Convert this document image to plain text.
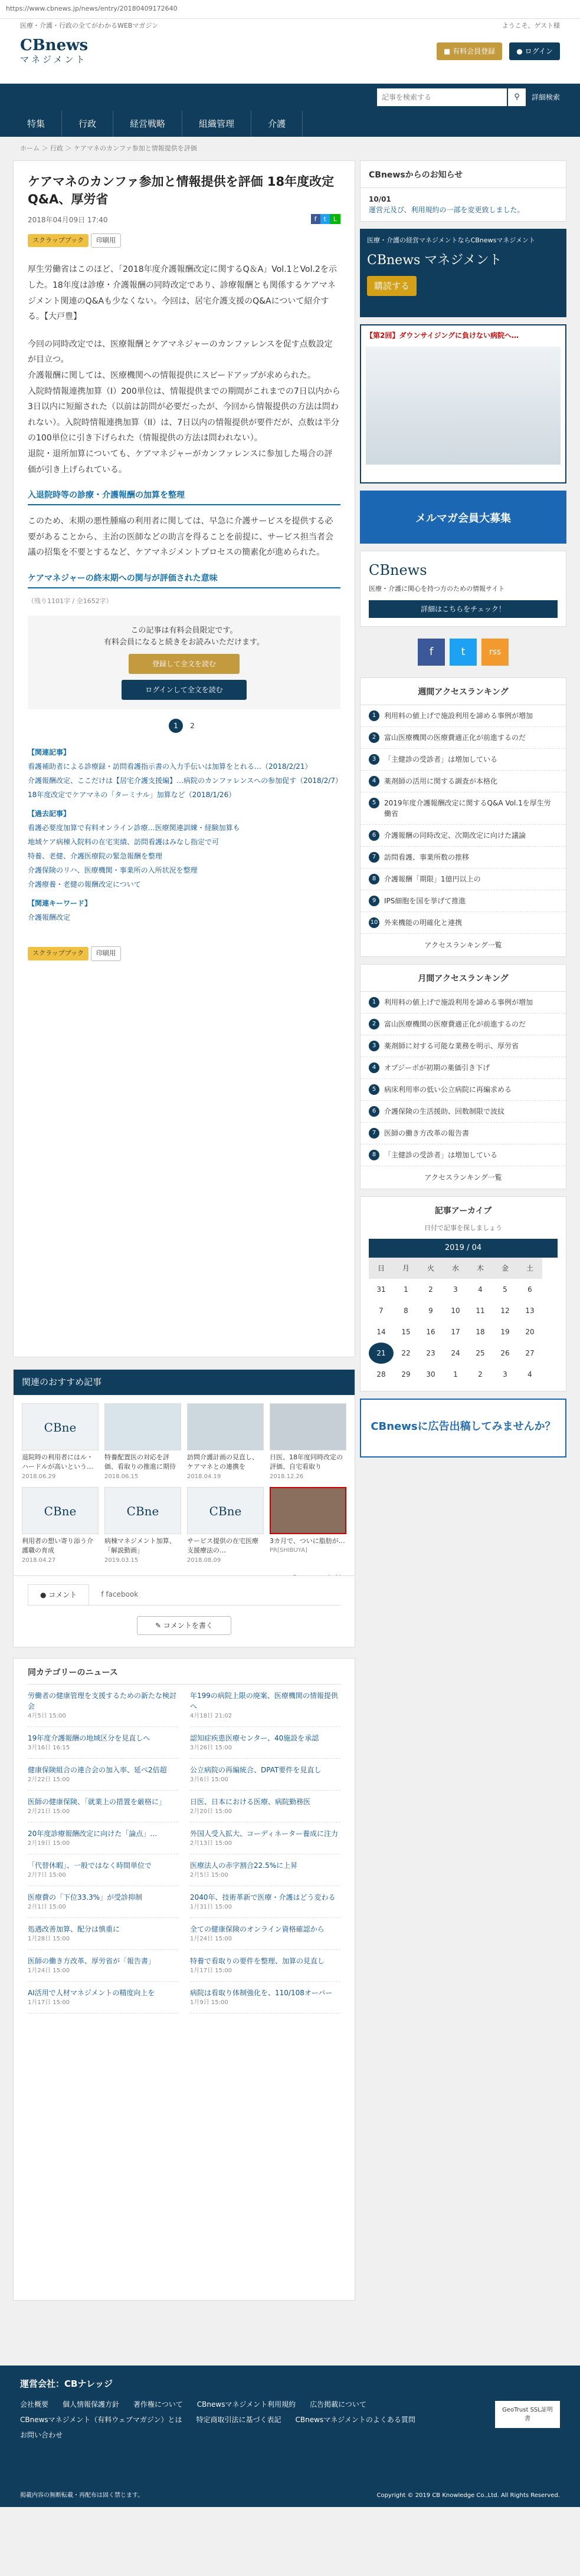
https://www.cbnews.jp/news/entry/20180409172640
医療・介護・行政の全てがわかるWEBマガジン	ようこそ、ゲスト様
CBnews
マネジメント
■ 有料会員登録	● ログイン
記事を検索する
⚲	詳細検索
特集	行政	経営戦略	組織管理	介護
ホーム ＞ 行政 ＞ ケアマネのカンファ参加と情報提供を評価
ケアマネのカンファ参加と情報提供を評価 18年度改定Q&A、厚労省
2018年04月09日 17:40	f t L
スクラップブック 印刷用

厚生労働省はこのほど、「2018年度介護報酬改定に関するQ＆A」Vol.1とVol.2を示した。18年度は診療・介護報酬の同時改定であり、診療報酬とも関係するケアマネジメント関連のQ&Aも少なくない。今回は、居宅介護支援のQ&Aについて紹介する。【大戸豊】

今回の同時改定では、医療報酬とケアマネジャーのカンファレンスを促す点数設定が目立つ。

介護報酬に関しては、医療機関への情報提供にスピードアップが求められた。

入院時情報連携加算（I）200単位は、情報提供までの期間がこれまでの7日以内から3日以内に短縮された（以前は訪問が必要だったが、今回から情報提供の方法は問われない）。入院時情報連携加算（II）は、7日以内の情報提供が要件だが、点数は半分の100単位に引き下げられた（情報提供の方法は問われない）。

退院・退所加算についても、ケアマネジャーがカンファレンスに参加した場合の評価が引き上げられている。

入退院時等の診療・介護報酬の加算を整理

このため、末期の悪性腫瘍の利用者に関しては、早急に介護サービスを提供する必要があることから、主治の医師などの助言を得ることを前提に、サービス担当者会議の招集を不要とするなど、ケアマネジメントプロセスの簡素化が進められた。

ケアマネジャーの終末期への関与が評価された意味

（残り1101字 / 全1652字）

この記事は有料会員限定です。

有料会員になると続きをお読みいただけます。

登録して全文を読む
ログインして全文を読む
1 2
【関連記事】
看護補助者による診療録・訪問看護指示書の入力手伝いは加算をとれる…（2018/2/21）
介護報酬改定、ここだけは【居宅介護支援編】…病院のカンファレンスへの参加促す（2018/2/7）
18年度改定でケアマネの「ターミナル」加算など（2018/1/26）
【過去記事】
看護必要度加算で有料オンライン診療…医療関連訓練・経験加算も
地域ケア病棟入院料の在宅実績、訪問看護はみなし指定で可
特養、老健、介護医療院の緊急報酬を整理
介護保険のリハ、医療機関・事業所の入所状況を整理
介護療養・老健の報酬改定について
【関連キーワード】
介護報酬改定
スクラップブック 印刷用
関連のおすすめ記事
CBne
退院時の利用者にはル・ハードルが高いという…
2018.06.29
特養配置医の対応を評価、看取りの推進に期待
2018.06.15
訪問介護計画の見直し、ケアマネとの連携を
2018.04.19
日医、18年度同時改定の評価、自宅看取り
2018.12.26
CBne
利用者の想い寄り添う介護職の育成
2018.04.27
CBne
病棟マネジメント加算、「解説動画」
2019.03.15
CBne
サービス提供の在宅医療支援療法の…
2018.08.09
3カ月で、ついに脂肪が…
PR[SHIBUYA]
● コメント	f facebook
✎ コメントを書く
同カテゴリーのニュース
労働者の健康管理を支援するための新たな検討会
4月5日 15:00
19年度介護報酬の地域区分を見直しへ
3月16日 16:15
健康保険組合の連合会の加入率、延べ2倍超
2月22日 15:00
医師の健康保険、「就業上の措置を厳格に」
2月21日 15:00
20年度診療報酬改定に向けた「論点」…
2月19日 15:00
「代替休暇」、一般ではなく時間単位で
2月7日 15:00
医療費の「下位33.3%」が受診抑制
2月1日 15:00
処遇改善加算、配分は慎重に
1月28日 15:00
医師の働き方改革、厚労省が「報告書」
1月24日 15:00
AI活用で人材マネジメントの精度向上を
1月17日 15:00
年199の病院上限の廃案、医療機関の情報提供へ
4月18日 21:02
認知症疾患医療センター、40施設を承認
3月26日 15:00
公立病院の再編統合、DPAT要件を見直し
3月6日 15:00
日医、日本における医療、病院勤務医
2月20日 15:00
外国人受入拡大、コーディネーター養成に注力
2月13日 15:00
医療法人の赤字割合22.5%に上昇
2月5日 15:00
2040年、技術革新で医療・介護はどう変わる
1月31日 15:00
全ての健康保険のオンライン資格確認から
1月24日 15:00
特養で看取りの要件を整理、加算の見直し
1月17日 15:00
病院は看取り体制強化を、110/108オーバー
1月9日 15:00
CBnewsからのお知らせ
10/01
運営元及び、利用規約の一部を変更致しました。
医療・介護の経営マネジメントならCBnewsマネジメント
CBnews マネジメント
購読する
【第2回】ダウンサイジングに負けない病院へ…
メルマガ会員大募集
CBnews
医療・介護に関心を持つ方のための情報サイト
詳細はこちらをチェック！
f	t	rss
週間アクセスランキング
1	利用料の値上げで施設利用を諦める事例が増加
2	富山医療機関の医療費適正化が前進するのだ
3	「主健診の受診者」は増加している
4	薬剤師の活用に関する調査が本格化
5	2019年度介護報酬改定に関するQ&A Vol.1を厚生労働省
6	介護報酬の同時改定、次期改定に向けた議論
7	訪問看護、事業所数の推移
8	介護報酬「期限」1億円以上の
9	IPS細胞を国を挙げて推進
10 外来機能の明確化と連携
アクセスランキング一覧
月間アクセスランキング
1	利用料の値上げで施設利用を諦める事例が増加
2	富山医療機関の医療費適正化が前進するのだ
3	薬剤師に対する可能な業務を明示、厚労省
4	オプジーボが初期の薬価引き下げ
5	病床利用率の低い公立病院に再編求める
6	介護保険の生活援助、回数制限で波紋
7	医師の働き方改革の報告書
8	「主健診の受診者」は増加している
アクセスランキング一覧
記事アーカイブ
日付で記事を探しましょう
2019 / 04
日	月	火	水	木	金	土
31	1	2	3	4	5	6
7	8	9	10	11	12	13
14	15	16	17	18	19	20
21	22	23	24	25	26	27
28	29	30	1	2	3	4
CBnewsに広告出稿してみませんか？
運営会社：CBナレッジ
会社概要 個人情報保護方針 著作権について CBnewsマネジメント利用規約 広告掲載について
CBnewsマネジメント（有料ウェブマガジン）とは 特定商取引法に基づく表記 CBnewsマネジメントのよくある質問
お問い合わせ
GeoTrust SSL証明書
掲載内容の無断転載・再配布は固く禁じます。	Copyright © 2019 CB Knowledge Co.,Ltd. All Rights Reserved.
